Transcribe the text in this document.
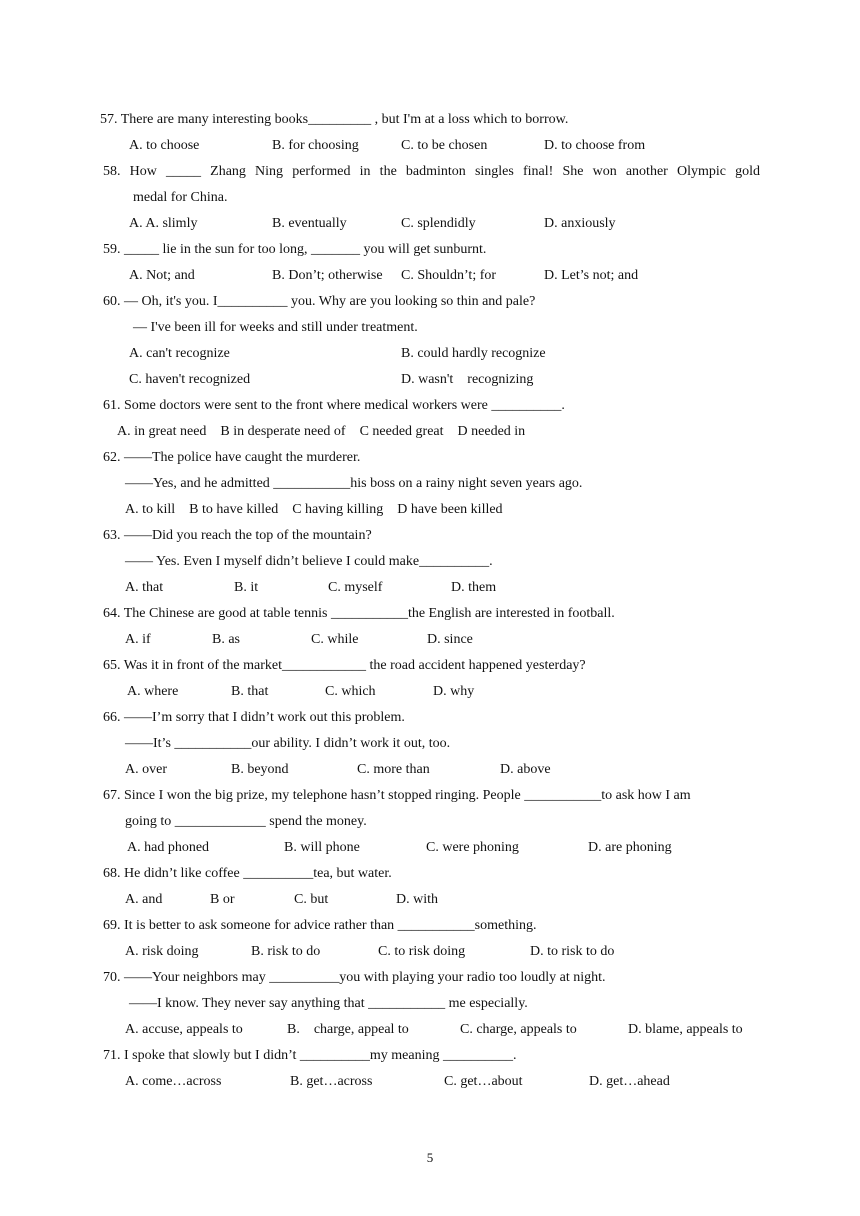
57. There are many interesting books_________ , but I'm at a loss which to borrow.

A. to choose

	B. for choosing

	C. to be chosen

	D. to choose from

58. How _____ Zhang Ning performed in the badminton singles final! She won another Olympic gold

medal for China.

A. A. slimly

	B. eventually

	C. splendidly

	D. anxiously

59. _____ lie in the sun for too long, _______ you will get sunburnt.

A. Not; and

	B. Don’t; otherwise

C. Shouldn’t; for

	D. Let’s not; and

60. — Oh, it's you. I__________ you. Why are you looking so thin and pale?

— I've been ill for weeks and still under treatment.

A. can't recognize

	B. could hardly recognize

C. haven't recognized

	D. wasn't    recognizing

61. Some doctors were sent to the front where medical workers were __________.

A. in great need    B in desperate need of    C needed great    D needed in

62. ——The police have caught the murderer.

——Yes, and he admitted ___________his boss on a rainy night seven years ago.

A. to kill    B to have killed    C having killing    D have been killed

63. ——Did you reach the top of the mountain?

—— Yes. Even I myself didn’t believe I could make__________.

A. that

	B. it

	C. myself

	D. them

64. The Chinese are good at table tennis ___________the English are interested in football.

A. if

	B. as

	C. while

	D. since

65. Was it in front of the market____________ the road accident happened yesterday?

A. where

	B. that

	C. which

	D. why

66. ——I’m sorry that I didn’t work out this problem.

——It’s ___________our ability. I didn’t work it out, too.

A. over

	B. beyond

	C. more than

	D. above

67. Since I won the big prize, my telephone hasn’t stopped ringing. People ___________to ask how I am

going to _____________ spend the money.

A. had phoned

	B. will phone

	C. were phoning

	D. are phoning

68. He didn’t like coffee __________tea, but water.

A. and

	B or

	C. but

	D. with

69. It is better to ask someone for advice rather than ___________something.

A. risk doing

	B. risk to do

	C. to risk doing

	D. to risk to do

70. ——Your neighbors may __________you with playing your radio too loudly at night.

——I know. They never say anything that ___________ me especially.

A. accuse, appeals to

	B.    charge, appeal to

	C. charge, appeals to

	D. blame, appeals to

71. I spoke that slowly but I didn’t __________my meaning __________.

A. come…across

	B. get…across

	C. get…about

	D. get…ahead

5
